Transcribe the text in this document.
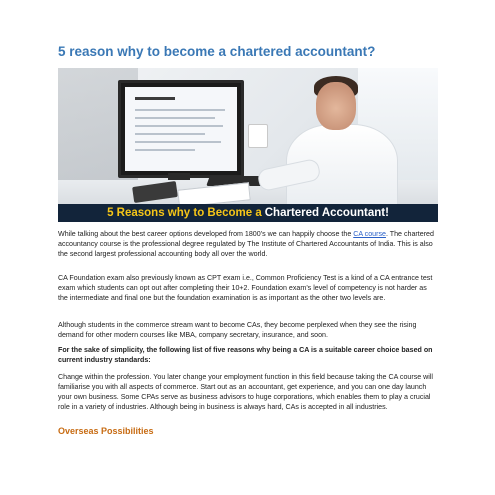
5 reason why to become a chartered accountant?
5 Reasons why to Become a Chartered Accountant!

While talking about the best career options developed from 1800’s we can happily choose the CA course. The chartered accountancy course is the professional degree regulated by The Institute of Chartered Accountants of India. This is also the second largest professional accounting body all over the world.

CA Foundation exam also previously known as CPT exam i.e., Common Proficiency Test is a kind of a CA entrance test exam which students can opt out after completing their 10+2. Foundation exam’s level of competency is not harder as the intermediate and final one but the foundation examination is as important as the other two levels are.

Although students in the commerce stream want to become CAs, they become perplexed when they see the rising demand for other modern courses like MBA, company secretary, insurance, and soon.

For the sake of simplicity, the following list of five reasons why being a CA is a suitable career choice based on current industry standards:

Change within the profession. You later change your employment function in this field because taking the CA course will familiarise you with all aspects of commerce. Start out as an accountant, get experience, and you can one day launch your own business. Some CPAs serve as business advisors to huge corporations, which enables them to play a crucial role in a variety of industries. Although being in business is always hard, CAs is accepted in all industries.

Overseas Possibilities
